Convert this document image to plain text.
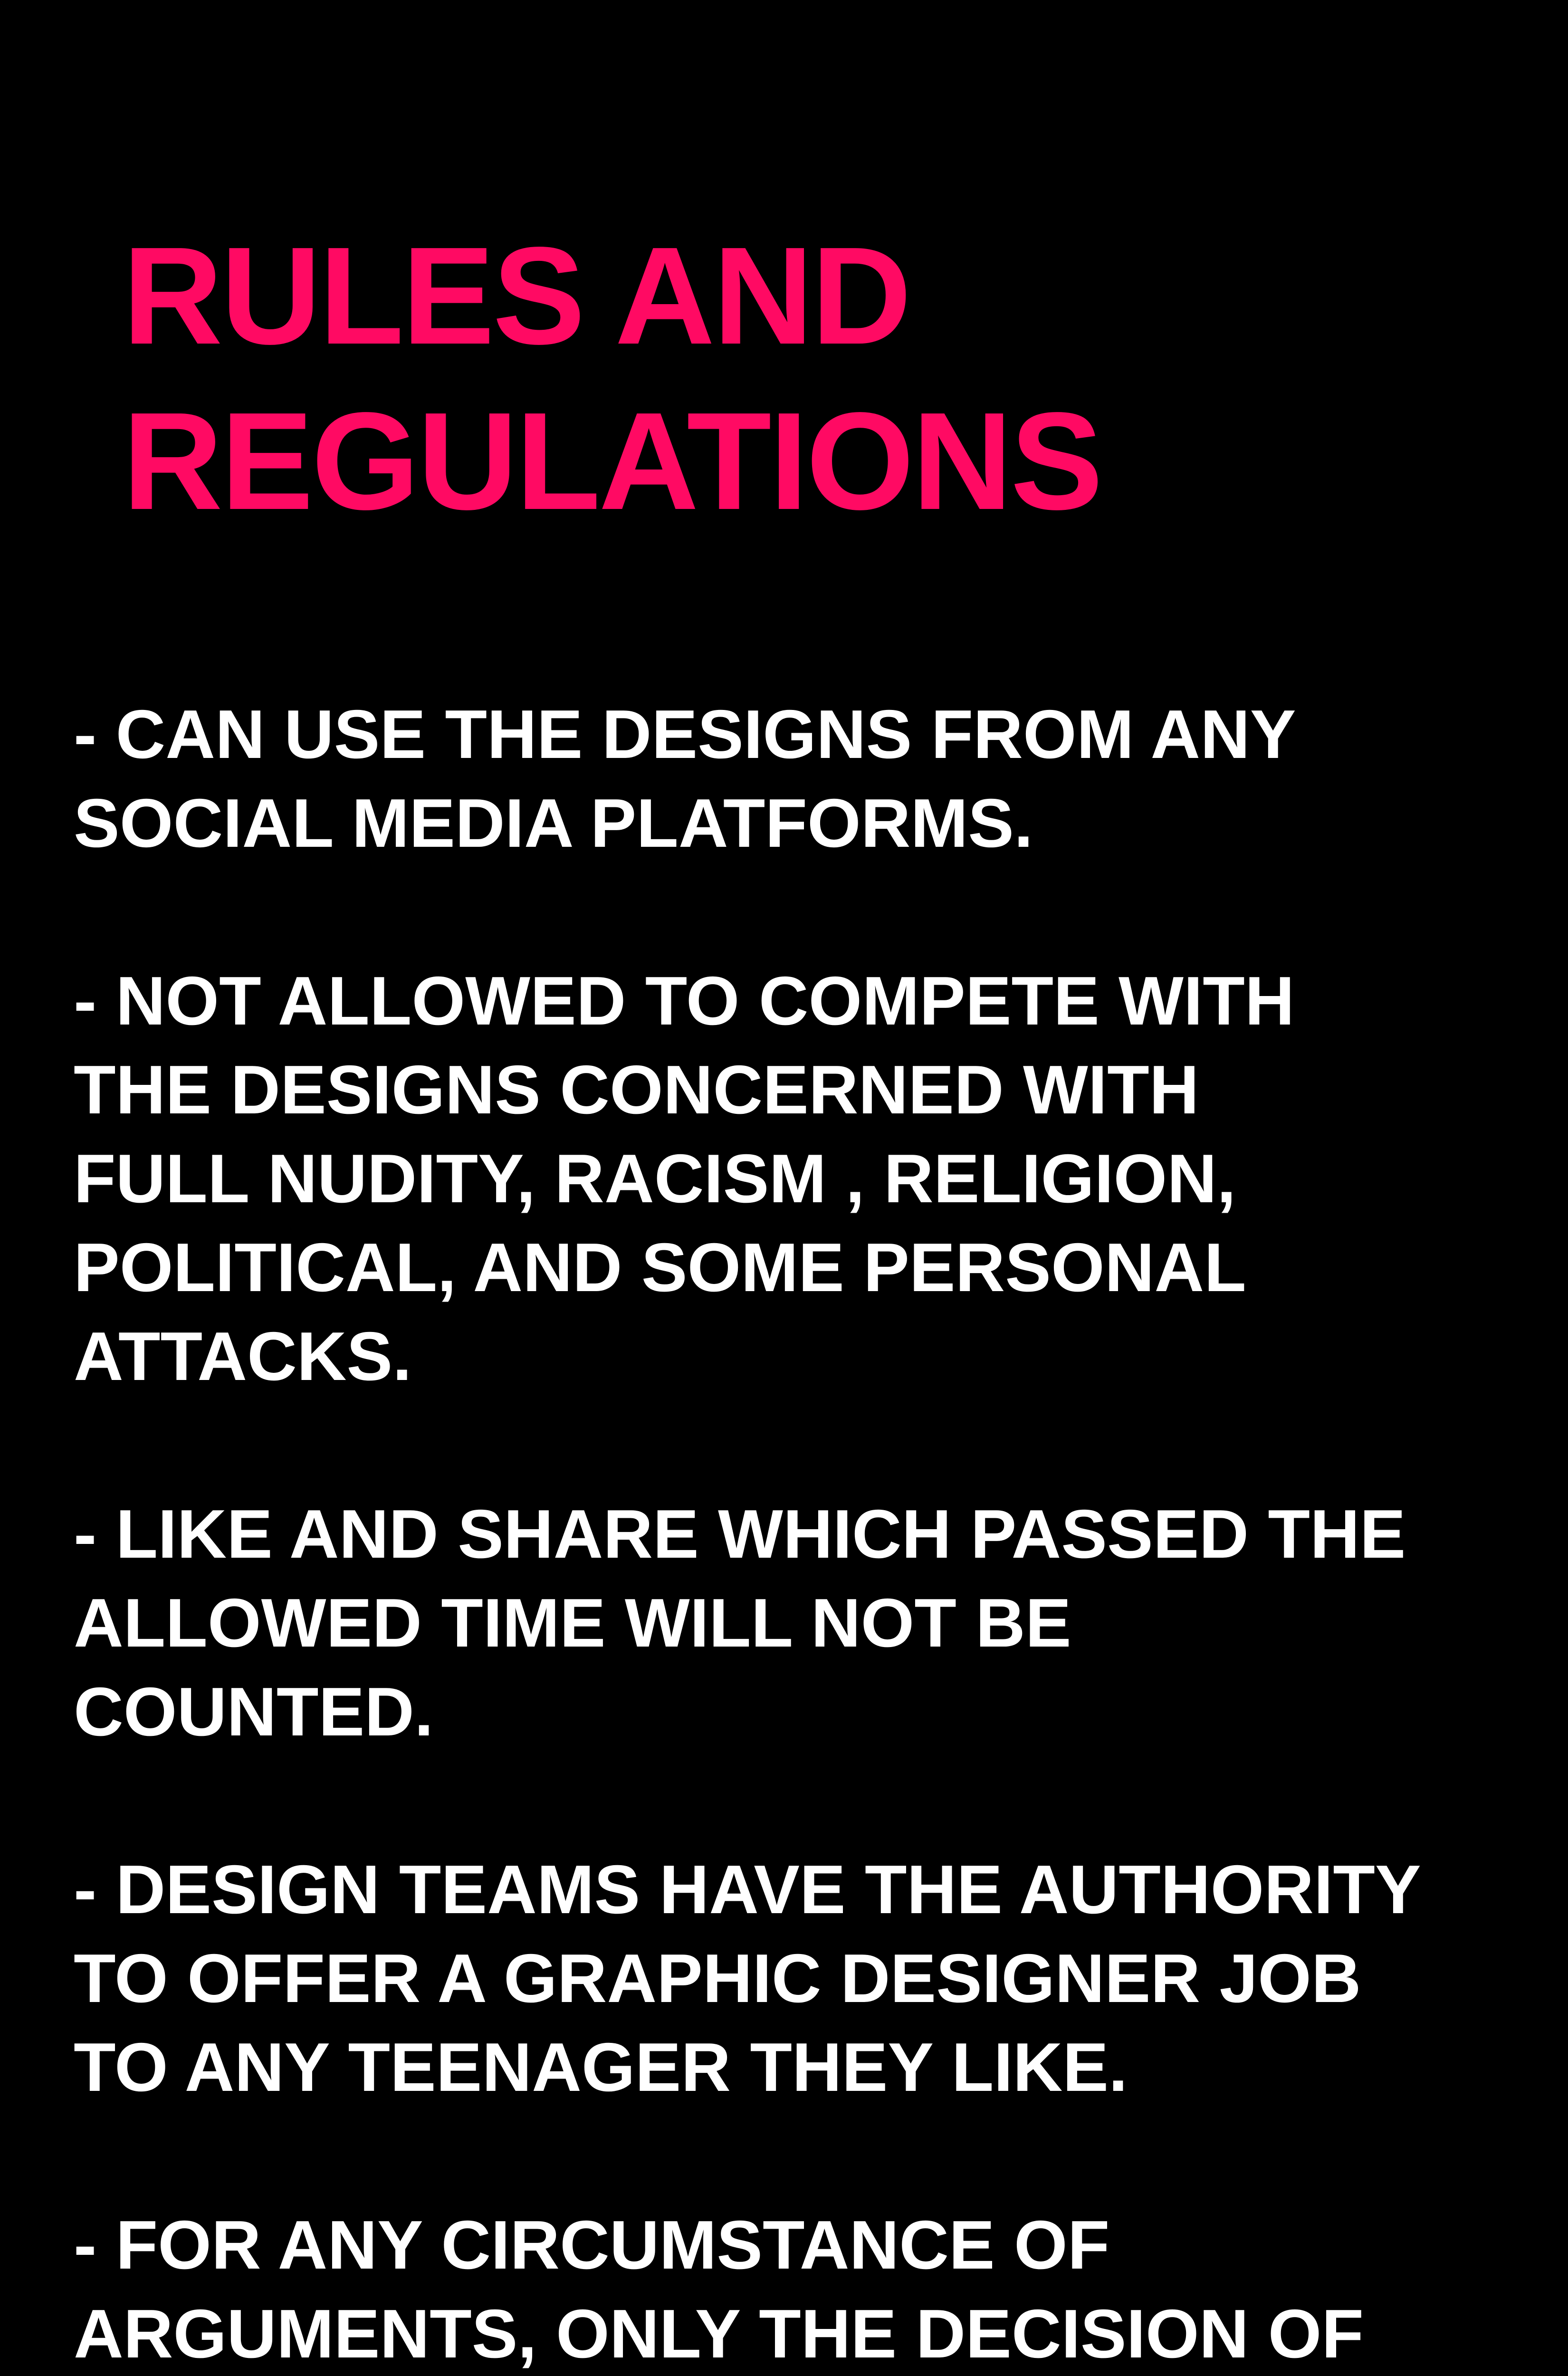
RULES AND
REGULATIONS
- CAN USE THE DESIGNS FROM ANY
SOCIAL MEDIA PLATFORMS.
- NOT ALLOWED TO COMPETE WITH
THE DESIGNS CONCERNED WITH
FULL NUDITY, RACISM , RELIGION,
POLITICAL, AND SOME PERSONAL
ATTACKS.
- LIKE AND SHARE WHICH PASSED THE
ALLOWED TIME WILL NOT BE
COUNTED.
- DESIGN TEAMS HAVE THE AUTHORITY
TO OFFER A GRAPHIC DESIGNER JOB
TO ANY TEENAGER THEY LIKE.
- FOR ANY CIRCUMSTANCE OF
ARGUMENTS, ONLY THE DECISION OF
